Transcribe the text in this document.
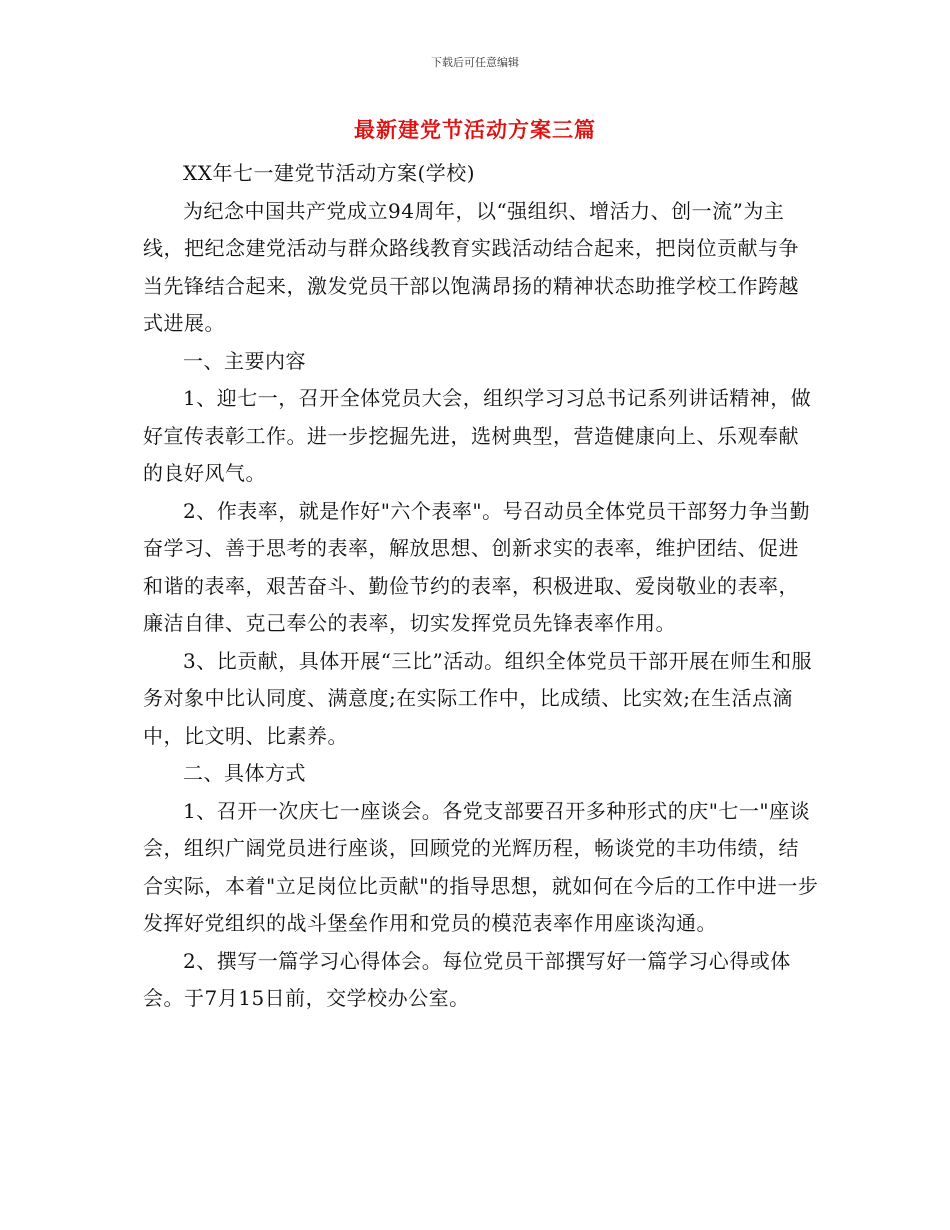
下载后可任意编辑
最新建党节活动方案三篇

XX年七一建党节活动方案(学校)

为纪念中国共产党成立94周年，以“强组织、增活力、创一流”为主线，把纪念建党活动与群众路线教育实践活动结合起来，把岗位贡献与争当先锋结合起来，激发党员干部以饱满昂扬的精神状态助推学校工作跨越式进展。

一、主要内容

1、迎七一，召开全体党员大会，组织学习习总书记系列讲话精神，做好宣传表彰工作。进一步挖掘先进，选树典型，营造健康向上、乐观奉献的良好风气。

2、作表率，就是作好"六个表率"。号召动员全体党员干部努力争当勤奋学习、善于思考的表率，解放思想、创新求实的表率，维护团结、促进和谐的表率，艰苦奋斗、勤俭节约的表率，积极进取、爱岗敬业的表率，廉洁自律、克己奉公的表率，切实发挥党员先锋表率作用。

3、比贡献，具体开展“三比”活动。组织全体党员干部开展在师生和服务对象中比认同度、满意度;在实际工作中，比成绩、比实效;在生活点滴中，比文明、比素养。

二、具体方式

1、召开一次庆七一座谈会。各党支部要召开多种形式的庆"七一"座谈会，组织广阔党员进行座谈，回顾党的光辉历程，畅谈党的丰功伟绩，结合实际，本着"立足岗位比贡献"的指导思想，就如何在今后的工作中进一步发挥好党组织的战斗堡垒作用和党员的模范表率作用座谈沟通。

2、撰写一篇学习心得体会。每位党员干部撰写好一篇学习心得或体会。于7月15日前，交学校办公室。
